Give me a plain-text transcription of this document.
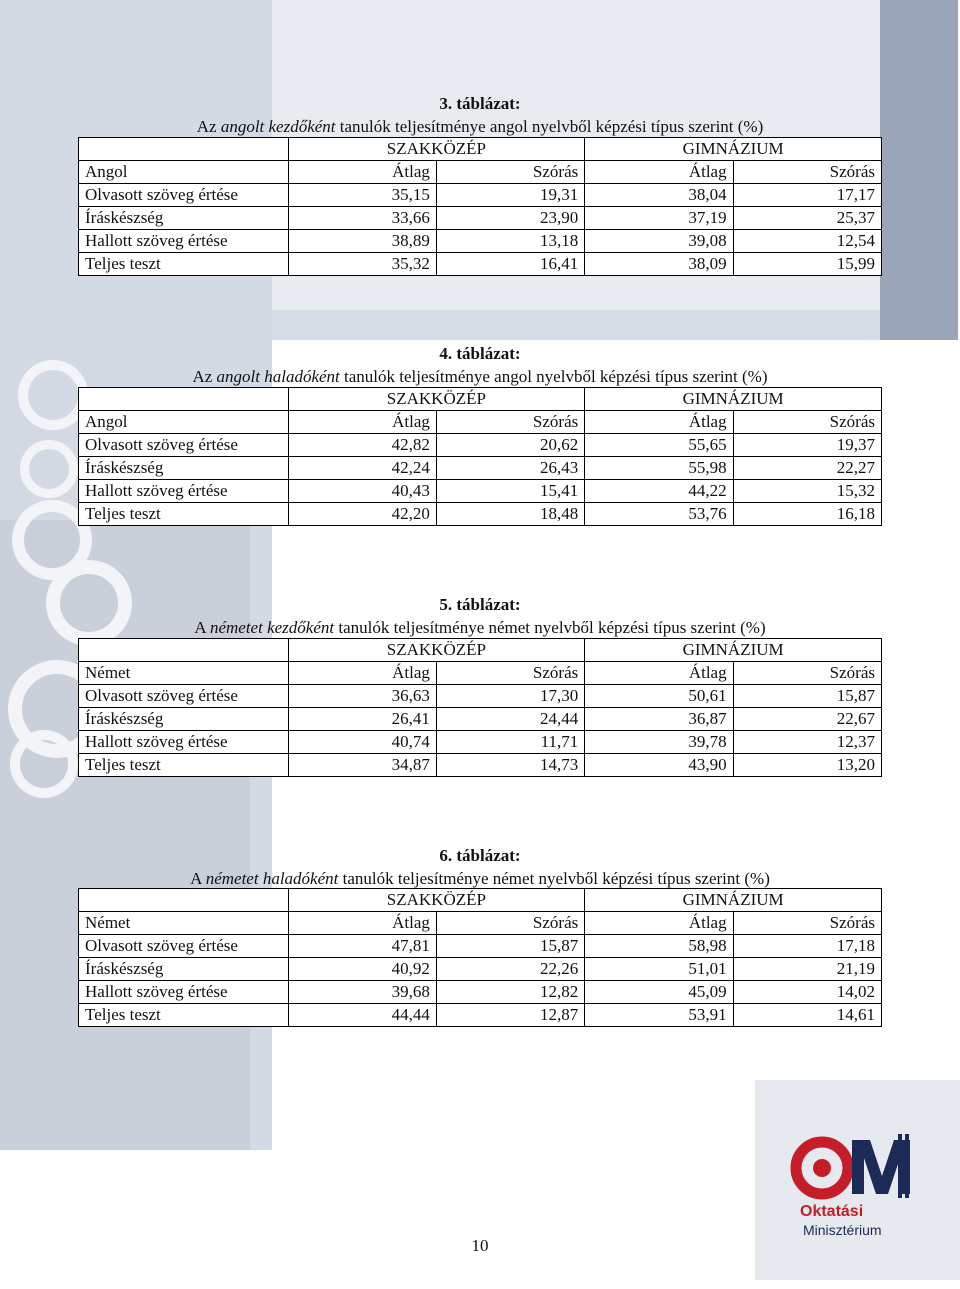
3. táblázat:
Az angolt kezdőként tanulók teljesítménye angol nyelvből képzési típus szerint (%)
	SZAKKÖZÉP		GIMNÁZIUM	
Angol	Átlag	Szórás	Átlag	Szórás
Olvasott szöveg értése	35,15	19,31	38,04	17,17
Íráskészség	33,66	23,90	37,19	25,37
Hallott szöveg értése	38,89	13,18	39,08	12,54
Teljes teszt	35,32	16,41	38,09	15,99
4. táblázat:
Az angolt haladóként tanulók teljesítménye angol nyelvből képzési típus szerint (%)
	SZAKKÖZÉP		GIMNÁZIUM	
Angol	Átlag	Szórás	Átlag	Szórás
Olvasott szöveg értése	42,82	20,62	55,65	19,37
Íráskészség	42,24	26,43	55,98	22,27
Hallott szöveg értése	40,43	15,41	44,22	15,32
Teljes teszt	42,20	18,48	53,76	16,18
5. táblázat:
A németet kezdőként tanulók teljesítménye német nyelvből képzési típus szerint (%)
	SZAKKÖZÉP		GIMNÁZIUM	
Német	Átlag	Szórás	Átlag	Szórás
Olvasott szöveg értése	36,63	17,30	50,61	15,87
Íráskészség	26,41	24,44	36,87	22,67
Hallott szöveg értése	40,74	11,71	39,78	12,37
Teljes teszt	34,87	14,73	43,90	13,20
6. táblázat:
A németet haladóként tanulók teljesítménye német nyelvből képzési típus szerint (%)
	SZAKKÖZÉP		GIMNÁZIUM	
Német	Átlag	Szórás	Átlag	Szórás
Olvasott szöveg értése	47,81	15,87	58,98	17,18
Íráskészség	40,92	22,26	51,01	21,19
Hallott szöveg értése	39,68	12,82	45,09	14,02
Teljes teszt	44,44	12,87	53,91	14,61
10
Oktatási
Minisztérium
